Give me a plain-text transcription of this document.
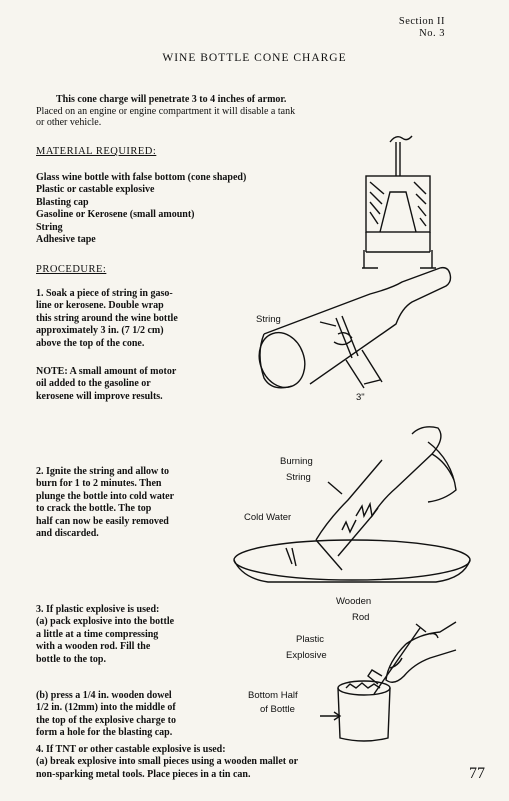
Section II
No. 3
WINE BOTTLE CONE CHARGE
This cone charge will penetrate 3 to 4 inches of armor.
Placed on an engine or engine compartment it will disable a tank
or other vehicle.
MATERIAL REQUIRED:
Glass wine bottle with false bottom (cone shaped)
Plastic or castable explosive
Blasting cap
Gasoline or Kerosene (small amount)
String
Adhesive tape
PROCEDURE:
1. Soak a piece of string in gaso-
line or kerosene. Double wrap
this string around the wine bottle
approximately 3 in. (7 1/2 cm)
above the top of the cone.
NOTE: A small amount of motor
oil added to the gasoline or
kerosene will improve results.
String
3"
2. Ignite the string and allow to
burn for 1 to 2 minutes. Then
plunge the bottle into cold water
to crack the bottle. The top
half can now be easily removed
and discarded.
Burning
String
Cold Water
3. If plastic explosive is used:
(a) pack explosive into the bottle
a little at a time compressing
with a wooden rod. Fill the
bottle to the top.
(b) press a 1/4 in. wooden dowel
1/2 in. (12mm) into the middle of
the top of the explosive charge to
form a hole for the blasting cap.
Wooden
Rod
Plastic
Explosive
Bottom Half
of Bottle
4. If TNT or other castable explosive is used:
(a) break explosive into small pieces using a wooden mallet or
non-sparking metal tools. Place pieces in a tin can.	77
